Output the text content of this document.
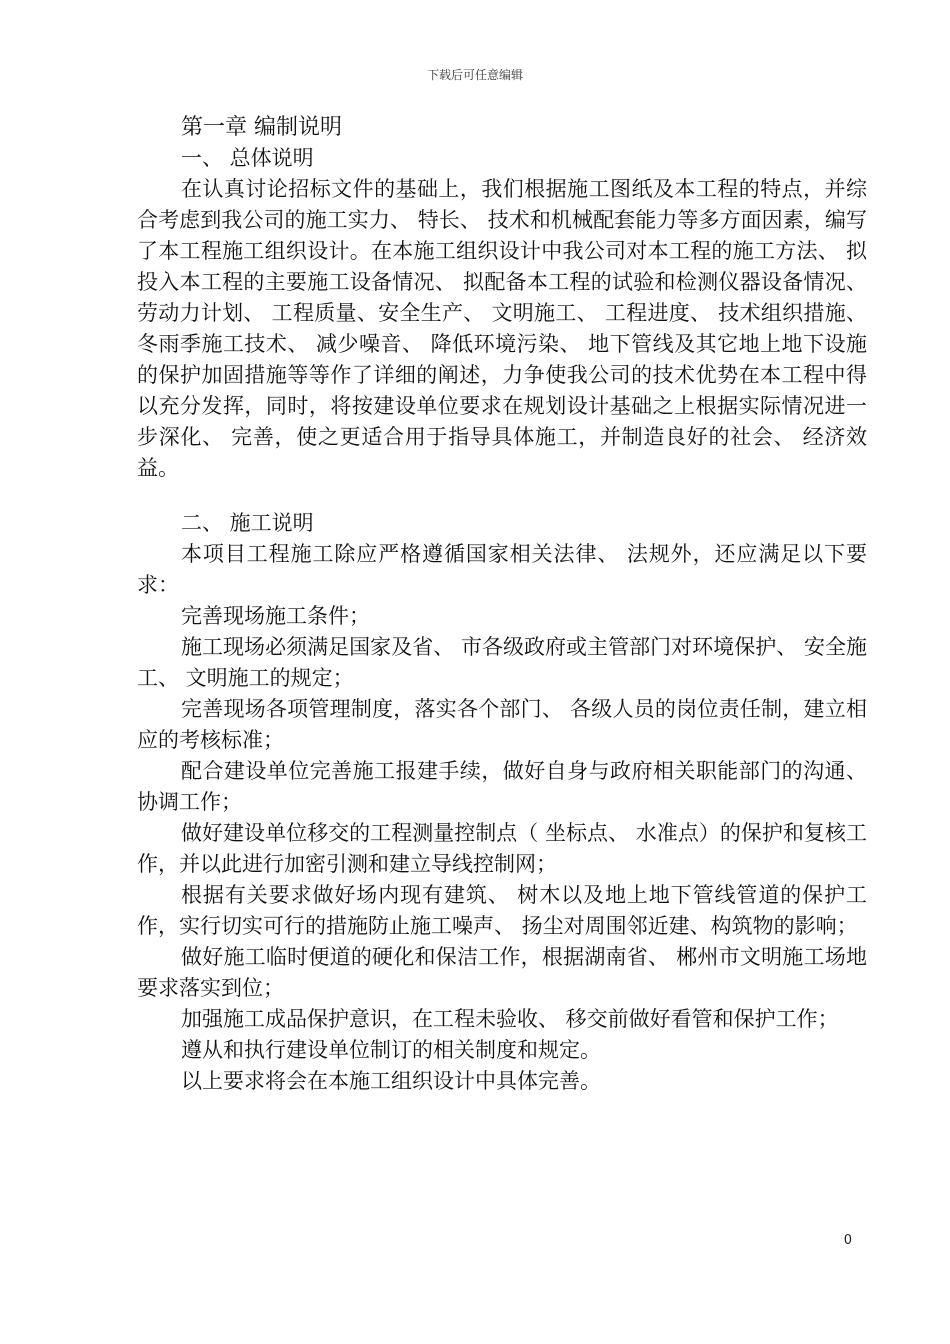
下载后可任意编辑
第一章 编制说明
一、 总体说明

在认真讨论招标文件的基础上，我们根据施工图纸及本工程的特点，并综合考虑到我公司的施工实力、 特长、 技术和机械配套能力等多方面因素，编写了本工程施工组织设计。在本施工组织设计中我公司对本工程的施工方法、 拟投入本工程的主要施工设备情况、 拟配备本工程的试验和检测仪器设备情况、 劳动力计划、 工程质量、安全生产、 文明施工、 工程进度、 技术组织措施、 冬雨季施工技术、 减少噪音、 降低环境污染、 地下管线及其它地上地下设施的保护加固措施等等作了详细的阐述，力争使我公司的技术优势在本工程中得以充分发挥，同时，将按建设单位要求在规划设计基础之上根据实际情况进一步深化、 完善，使之更适合用于指导具体施工，并制造良好的社会、 经济效益。

二、 施工说明

本项目工程施工除应严格遵循国家相关法律、 法规外，还应满足以下要求：

完善现场施工条件；

施工现场必须满足国家及省、 市各级政府或主管部门对环境保护、 安全施工、 文明施工的规定；

完善现场各项管理制度，落实各个部门、 各级人员的岗位责任制，建立相应的考核标准；

配合建设单位完善施工报建手续，做好自身与政府相关职能部门的沟通、 协调工作；

做好建设单位移交的工程测量控制点（ 坐标点、 水准点）的保护和复核工作，并以此进行加密引测和建立导线控制网；

根据有关要求做好场内现有建筑、 树木以及地上地下管线管道的保护工作，实行切实可行的措施防止施工噪声、 扬尘对周围邻近建、构筑物的影响；

做好施工临时便道的硬化和保洁工作，根据湖南省、 郴州市文明施工场地要求落实到位；

加强施工成品保护意识，在工程未验收、 移交前做好看管和保护工作；

遵从和执行建设单位制订的相关制度和规定。

以上要求将会在本施工组织设计中具体完善。

0
